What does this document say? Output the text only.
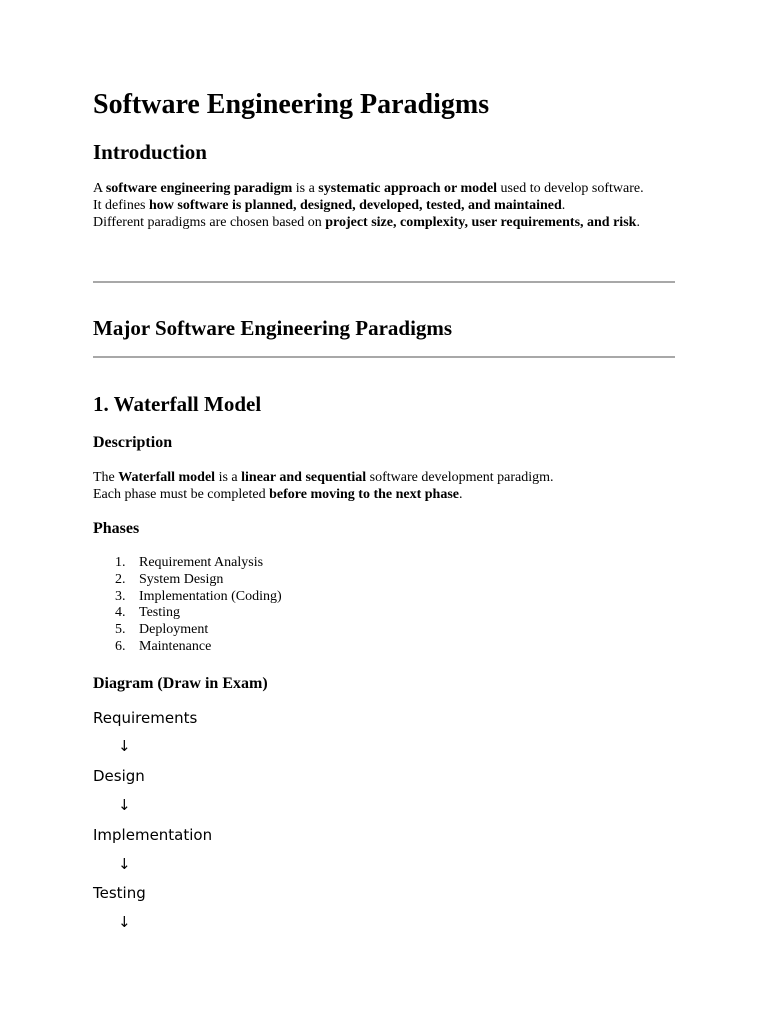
Software Engineering Paradigms
Introduction

A software engineering paradigm is a systematic approach or model used to develop software.

It defines how software is planned, designed, developed, tested, and maintained.

Different paradigms are chosen based on project size, complexity, user requirements, and risk.

Major Software Engineering Paradigms
1. Waterfall Model
Description

The Waterfall model is a linear and sequential software development paradigm.

Each phase must be completed before moving to the next phase.

Phases
1. Requirement Analysis
2. System Design
3. Implementation (Coding)
4. Testing
5. Deployment
6. Maintenance
Diagram (Draw in Exam)
Requirements
↓
Design
↓
Implementation
↓
Testing
↓
